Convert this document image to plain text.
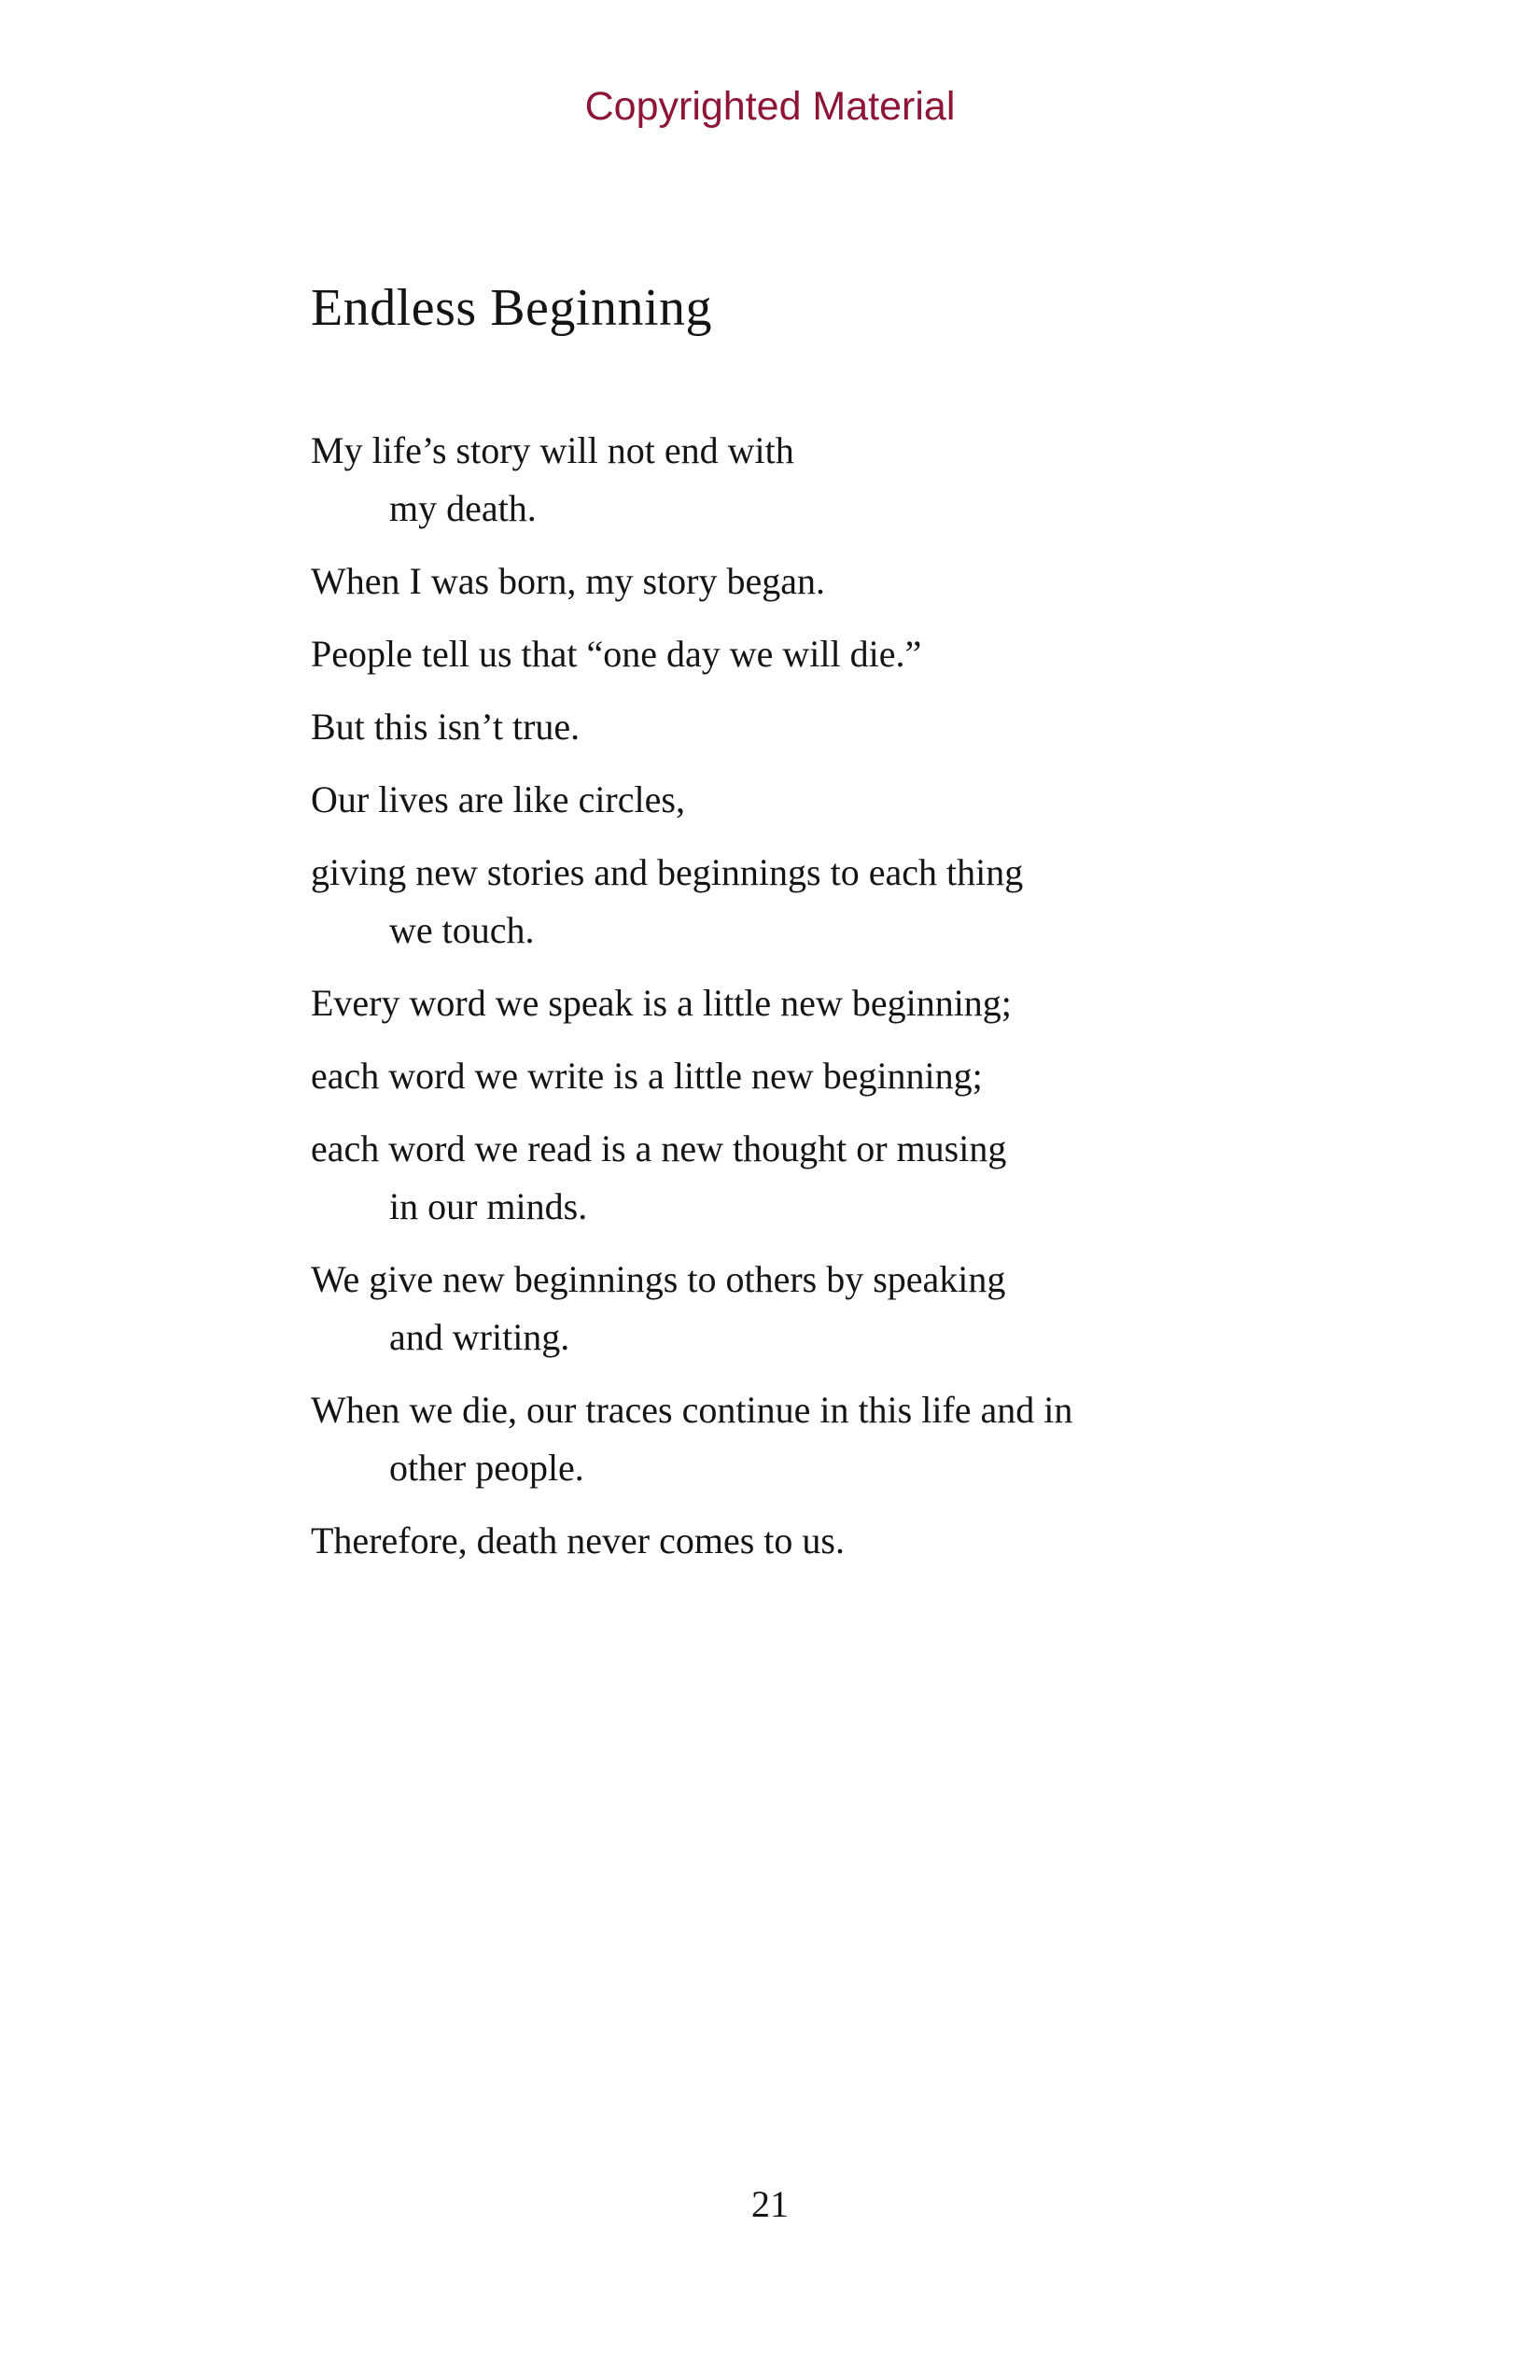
Copyrighted Material
Endless Beginning

My life’s story will not end with
my death.

When I was born, my story began.

People tell us that “one day we will die.”

But this isn’t true.

Our lives are like circles,

giving new stories and beginnings to each thing
we touch.

Every word we speak is a little new beginning;

each word we write is a little new beginning;

each word we read is a new thought or musing
in our minds.

We give new beginnings to others by speaking
and writing.

When we die, our traces continue in this life and in
other people.

Therefore, death never comes to us.

21
